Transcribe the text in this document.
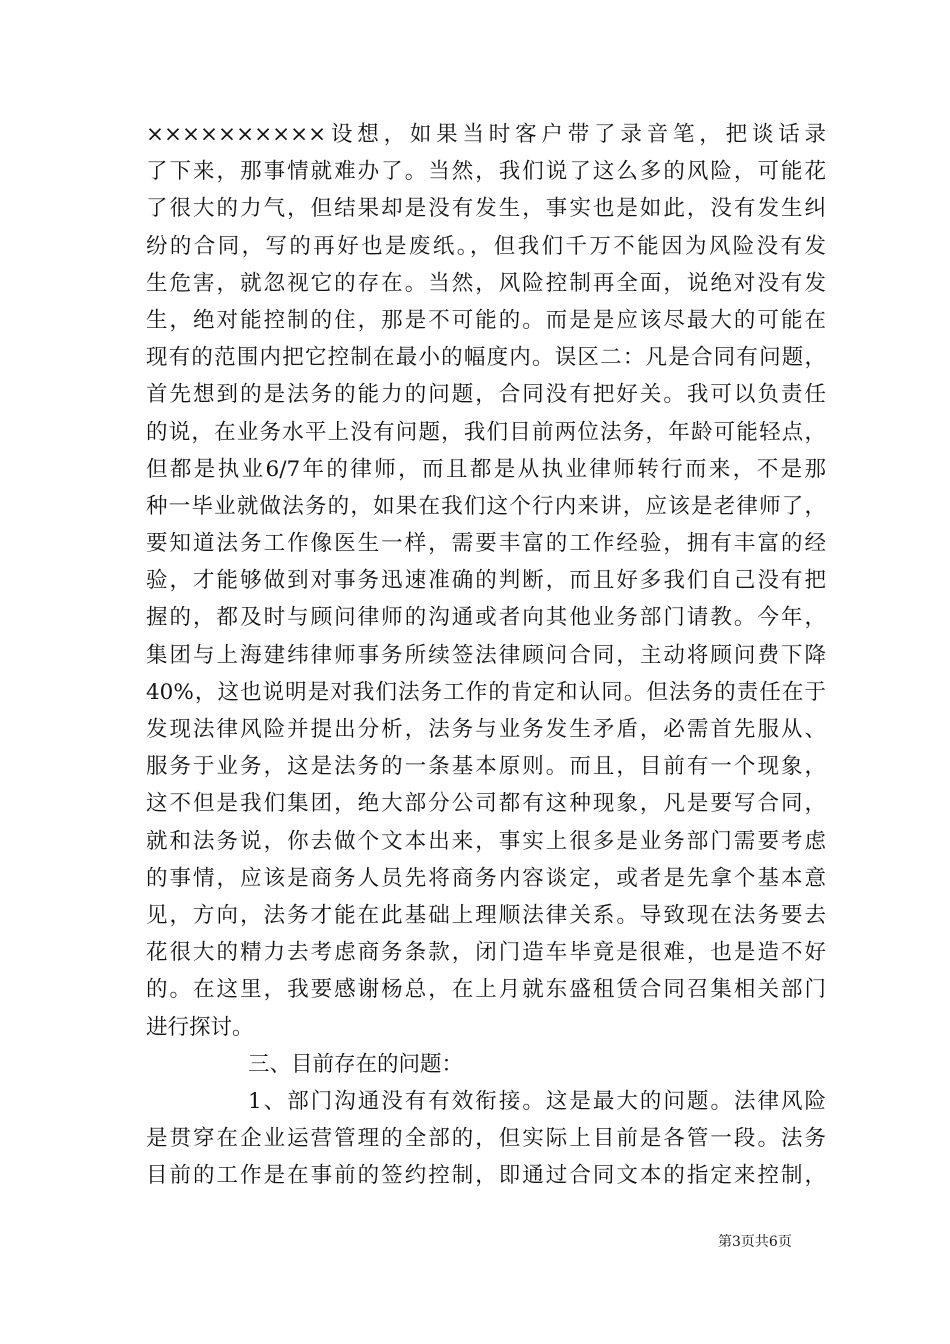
××××××××××设想，如果当时客户带了录音笔，把谈话录
了下来，那事情就难办了。当然，我们说了这么多的风险，可能花
了很大的力气，但结果却是没有发生，事实也是如此，没有发生纠
纷的合同，写的再好也是废纸。，但我们千万不能因为风险没有发
生危害，就忽视它的存在。当然，风险控制再全面，说绝对没有发
生，绝对能控制的住，那是不可能的。而是是应该尽最大的可能在
现有的范围内把它控制在最小的幅度内。误区二：凡是合同有问题，
首先想到的是法务的能力的问题，合同没有把好关。我可以负责任
的说，在业务水平上没有问题，我们目前两位法务，年龄可能轻点，
但都是执业6/7年的律师，而且都是从执业律师转行而来，不是那
种一毕业就做法务的，如果在我们这个行内来讲，应该是老律师了，
要知道法务工作像医生一样，需要丰富的工作经验，拥有丰富的经
验，才能够做到对事务迅速准确的判断，而且好多我们自己没有把
握的，都及时与顾问律师的沟通或者向其他业务部门请教。今年，
集团与上海建纬律师事务所续签法律顾问合同，主动将顾问费下降
40%，这也说明是对我们法务工作的肯定和认同。但法务的责任在于
发现法律风险并提出分析，法务与业务发生矛盾，必需首先服从、
服务于业务，这是法务的一条基本原则。而且，目前有一个现象，
这不但是我们集团，绝大部分公司都有这种现象，凡是要写合同，
就和法务说，你去做个文本出来，事实上很多是业务部门需要考虑
的事情，应该是商务人员先将商务内容谈定，或者是先拿个基本意
见，方向，法务才能在此基础上理顺法律关系。导致现在法务要去
花很大的精力去考虑商务条款，闭门造车毕竟是很难，也是造不好
的。在这里，我要感谢杨总，在上月就东盛租赁合同召集相关部门
进行探讨。
三、目前存在的问题：
1、部门沟通没有有效衔接。这是最大的问题。法律风险
是贯穿在企业运营管理的全部的，但实际上目前是各管一段。法务
目前的工作是在事前的签约控制，即通过合同文本的指定来控制，
第3页共6页
